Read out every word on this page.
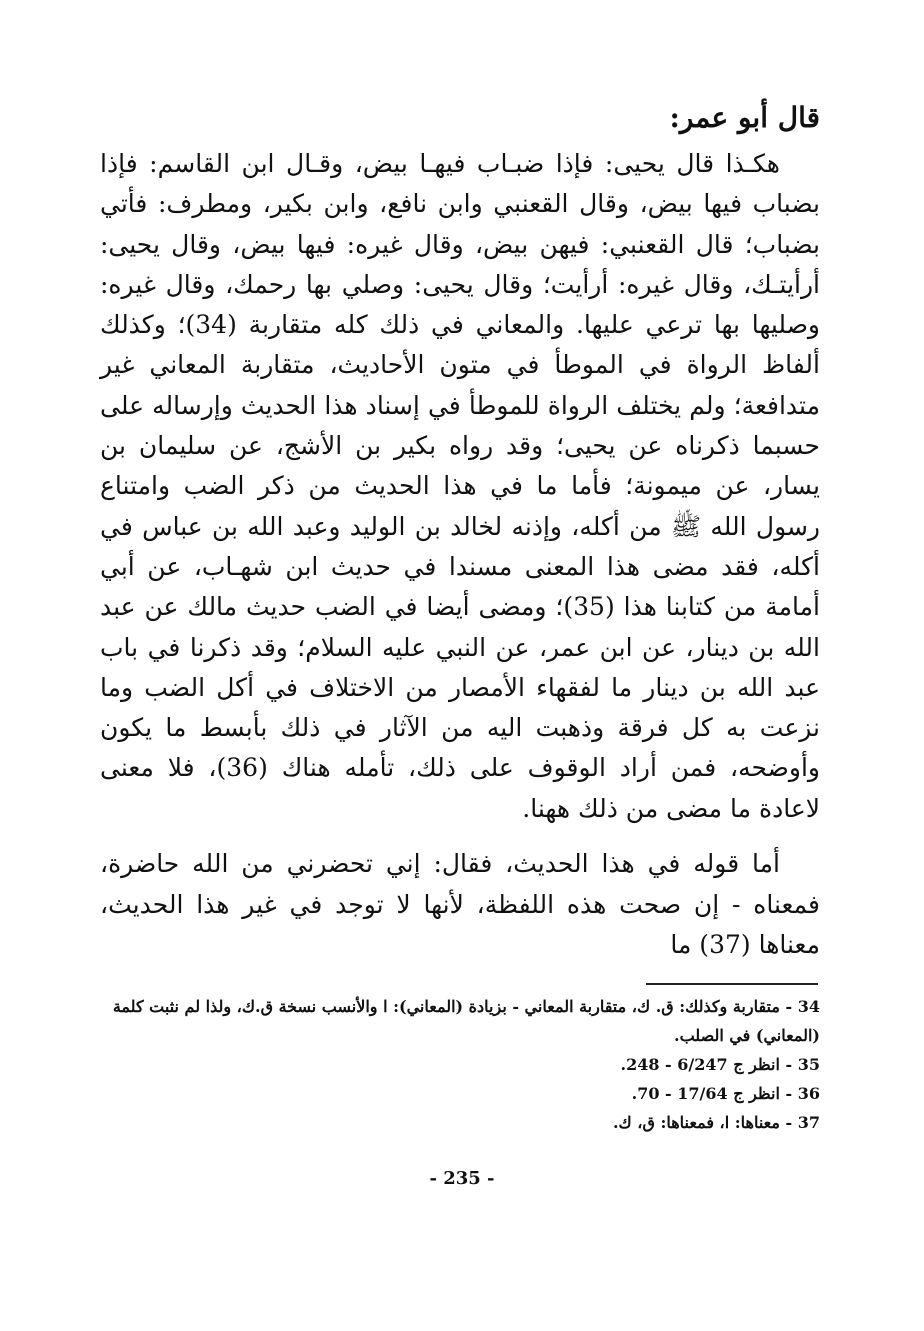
قال أبو عمر:

هكـذا قال يحيى: فإذا ضبـاب فيهـا بيض، وقـال ابن القاسم: فإذا بضباب فيها بيض، وقال القعنبي وابن نافع، وابن بكير، ومطرف: فأتي بضباب؛ قال القعنبي: فيهن بيض، وقال غيره: فيها بيض، وقال يحيى: أرأيتـك، وقال غيره: أرأيت؛ وقال يحيى: وصلي بها رحمك، وقال غيره: وصليها بها ترعي عليها. والمعاني في ذلك كله متقاربة (34)؛ وكذلك ألفاظ الرواة في الموطأ في متون الأحاديث، متقاربة المعاني غير متدافعة؛ ولم يختلف الرواة للموطأ في إسناد هذا الحديث وإرساله على حسبما ذكرناه عن يحيى؛ وقد رواه بكير بن الأشج، عن سليمان بن يسار، عن ميمونة؛ فأما ما في هذا الحديث من ذكر الضب وامتناع رسول الله ﷺ من أكله، وإذنه لخالد بن الوليد وعبد الله بن عباس في أكله، فقد مضى هذا المعنى مسندا في حديث ابن شهـاب، عن أبي أمامة من كتابنا هذا (35)؛ ومضى أيضا في الضب حديث مالك عن عبد الله بن دينار، عن ابن عمر، عن النبي عليه السلام؛ وقد ذكرنا في باب عبد الله بن دينار ما لفقهاء الأمصار من الاختلاف في أكل الضب وما نزعت به كل فرقة وذهبت اليه من الآثار في ذلك بأبسط ما يكون وأوضحه، فمن أراد الوقوف على ذلك، تأمله هناك (36)، فلا معنى لاعادة ما مضى من ذلك ههنا.

أما قوله في هذا الحديث، فقال: إني تحضرني من الله حاضرة، فمعناه - إن صحت هذه اللفظة، لأنها لا توجد في غير هذا الحديث، معناها (37) ما

34 - متقاربة وكذلك: ق. ك، متقاربة المعاني - بزيادة (المعاني): ا والأنسب نسخة ق.ك، ولذا لم نثبت كلمة (المعاني) في الصلب.
35 - انظر ج 6/247 - 248.
36 - انظر ج 17/64 - 70.
37 - معناها: ا، فمعناها: ق، ك.
- 235 -
